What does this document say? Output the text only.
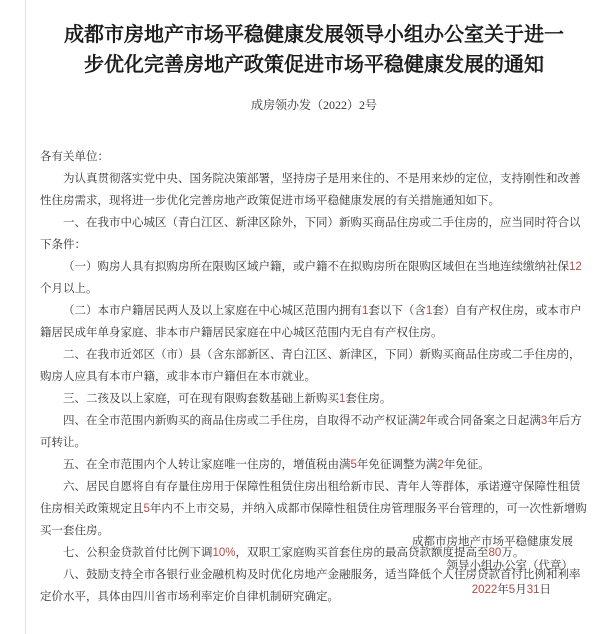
成都市房地产市场平稳健康发展领导小组办公室关于进一步优化完善房地产政策促进市场平稳健康发展的通知
成房领办发（2022）2号
各有关单位：

为认真贯彻落实党中央、国务院决策部署，坚持房子是用来住的、不是用来炒的定位，支持刚性和改善性住房需求，现将进一步优化完善房地产政策促进市场平稳健康发展的有关措施通知如下。

一、在我市中心城区（青白江区、新津区除外，下同）新购买商品住房或二手住房的，应当同时符合以下条件：

（一）购房人具有拟购房所在限购区域户籍，或户籍不在拟购房所在限购区域但在当地连续缴纳社保12个月以上。

（二）本市户籍居民两人及以上家庭在中心城区范围内拥有1套以下（含1套）自有产权住房，或本市户籍居民成年单身家庭、非本市户籍居民家庭在中心城区范围内无自有产权住房。

二、在我市近郊区（市）县（含东部新区、青白江区、新津区，下同）新购买商品住房或二手住房的，购房人应具有本市户籍，或非本市户籍但在本市就业。

三、二孩及以上家庭，可在现有限购套数基础上新购买1套住房。

四、在全市范围内新购买的商品住房或二手住房，自取得不动产权证满2年或合同备案之日起满3年后方可转让。

五、在全市范围内个人转让家庭唯一住房的，增值税由满5年免征调整为满2年免征。

六、居民自愿将自有存量住房用于保障性租赁住房出租给新市民、青年人等群体，承诺遵守保障性租赁住房相关政策规定且5年内不上市交易，并纳入成都市保障性租赁住房管理服务平台管理的，可一次性新增购买一套住房。

七、公积金贷款首付比例下调10%，双职工家庭购买首套住房的最高贷款额度提高至80万。

八、鼓励支持全市各银行业金融机构及时优化房地产金融服务，适当降低个人住房贷款首付比例和利率定价水平，具体由四川省市场利率定价自律机制研究确定。

成都市房地产市场平稳健康发展
领导小组办公室（代章）
2022年5月31日
